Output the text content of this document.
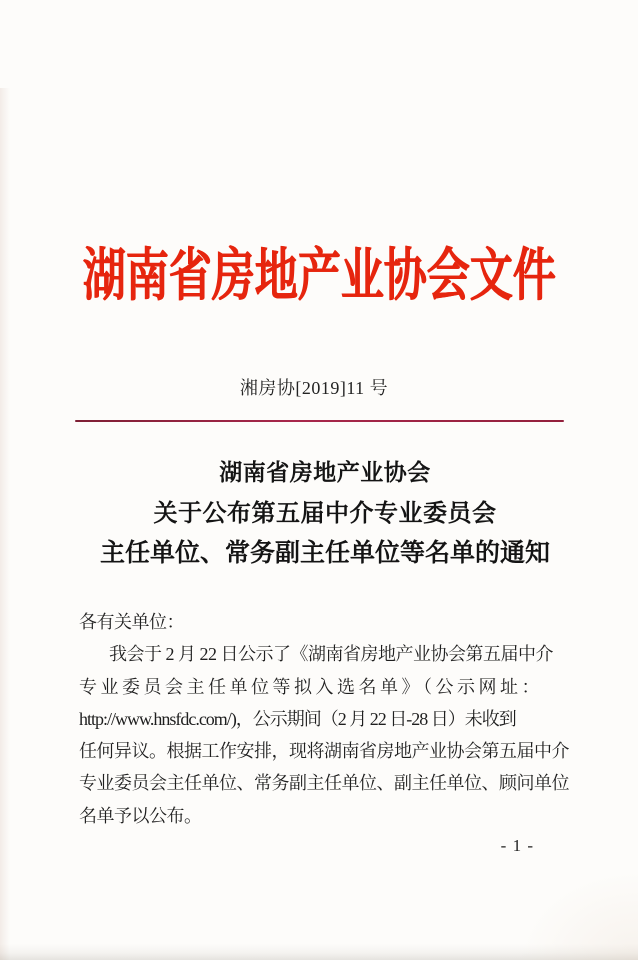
湖南省房地产业协会文件
湘房协[2019]11 号
湖南省房地产业协会
关于公布第五届中介专业委员会
主任单位、常务副主任单位等名单的通知
各有关单位：
我会于 2 月 22 日公示了《湖南省房地产业协会第五届中介
专业委员会主任单位等拟入选名单》（公示网址：
http://www.hnsfdc.com/)，公示期间（2 月 22 日-28 日）未收到
任何异议。根据工作安排，现将湖南省房地产业协会第五届中介
专业委员会主任单位、常务副主任单位、副主任单位、顾问单位
名单予以公布。
- 1 -
